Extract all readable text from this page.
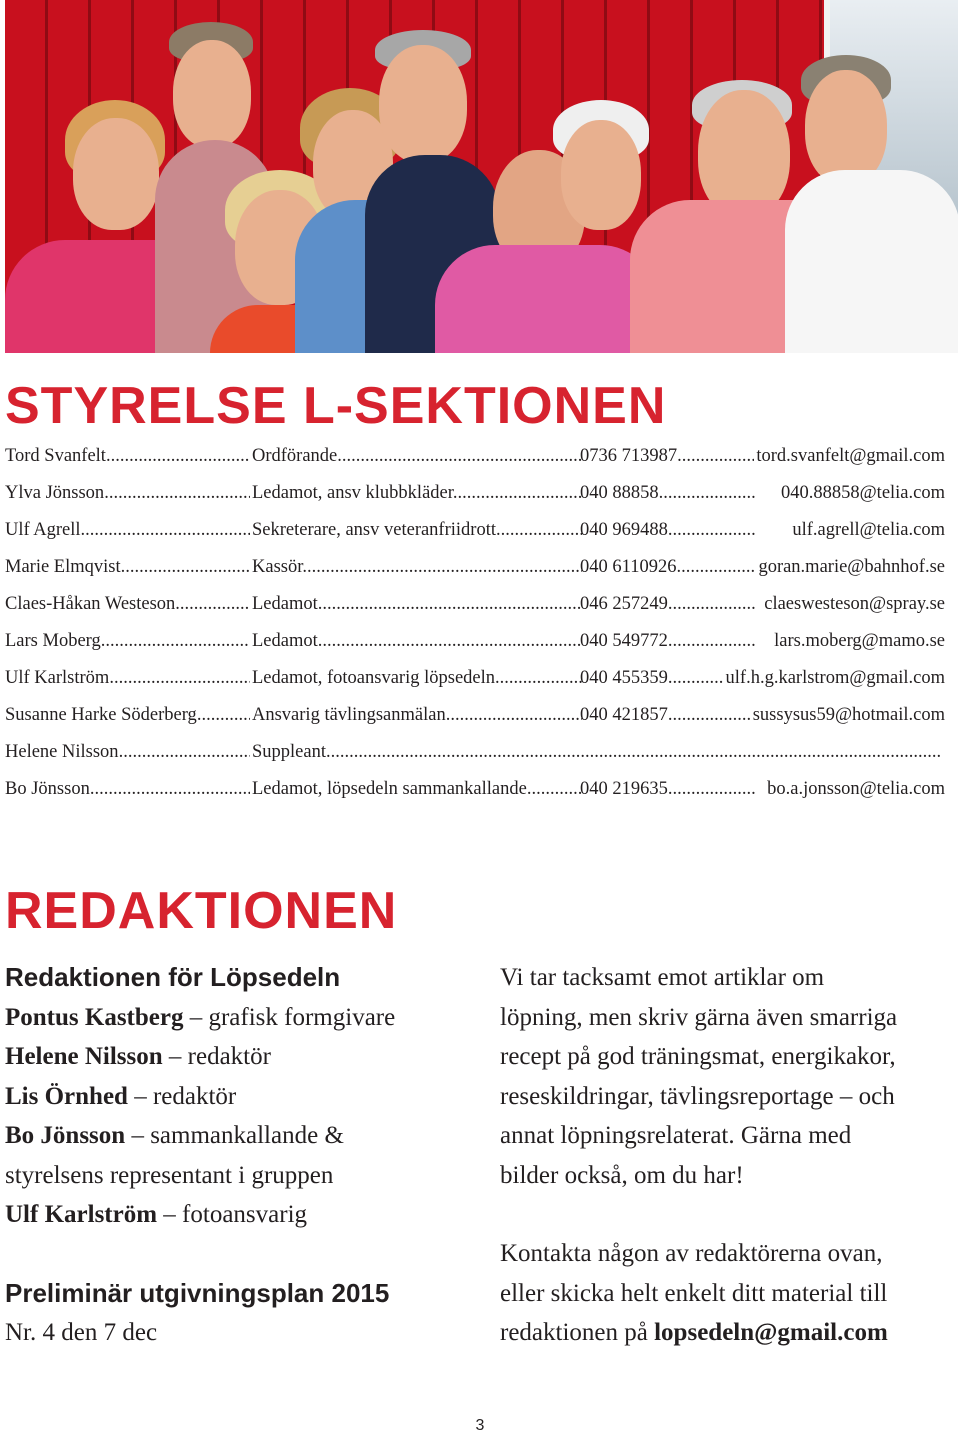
STYRELSE L-SEKTIONEN
Tord Svanfelt .....	Ordförande .....	0736 713987 .....	tord.svanfelt@gmail.com
Ylva Jönsson .....	Ledamot, ansv klubbkläder .....	040 88858 .....	040.88858@telia.com
Ulf Agrell .....	Sekreterare, ansv veteranfriidrott .....	040 969488 .....	ulf.agrell@telia.com
Marie Elmqvist .....	Kassör .....	040 6110926 .....	goran.marie@bahnhof.se
Claes-Håkan Westeson .....	Ledamot .....	046 257249 .....	claeswesteson@spray.se
Lars Moberg .....	Ledamot .....	040 549772 .....	lars.moberg@mamo.se
Ulf Karlström .....	Ledamot, fotoansvarig löpsedeln .....	040 455359 .....	ulf.h.g.karlstrom@gmail.com
Susanne Harke Söderberg .....	Ansvarig tävlingsanmälan .....	040 421857 .....	sussysus59@hotmail.com
Helene Nilsson .....	Suppleant .....
Bo Jönsson .....	Ledamot, löpsedeln sammankallande .....	040 219635 .....	bo.a.jonsson@telia.com
REDAKTIONEN

Redaktionen för Löpsedeln

Pontus Kastberg – grafisk formgivare

Helene Nilsson – redaktör

Lis Örnhed – redaktör

Bo Jönsson – sammankallande &

styrelsens representant i gruppen

Ulf Karlström – fotoansvarig

Preliminär utgivningsplan 2015

Nr. 4 den 7 dec

Vi tar tacksamt emot artiklar om

löpning, men skriv gärna även smarriga

recept på god träningsmat, energikakor,

reseskildringar, tävlingsreportage – och

annat löpningsrelaterat. Gärna med

bilder också, om du har!

Kontakta någon av redaktörerna ovan,

eller skicka helt enkelt ditt material till

redaktionen på lopsedeln@gmail.com

3
